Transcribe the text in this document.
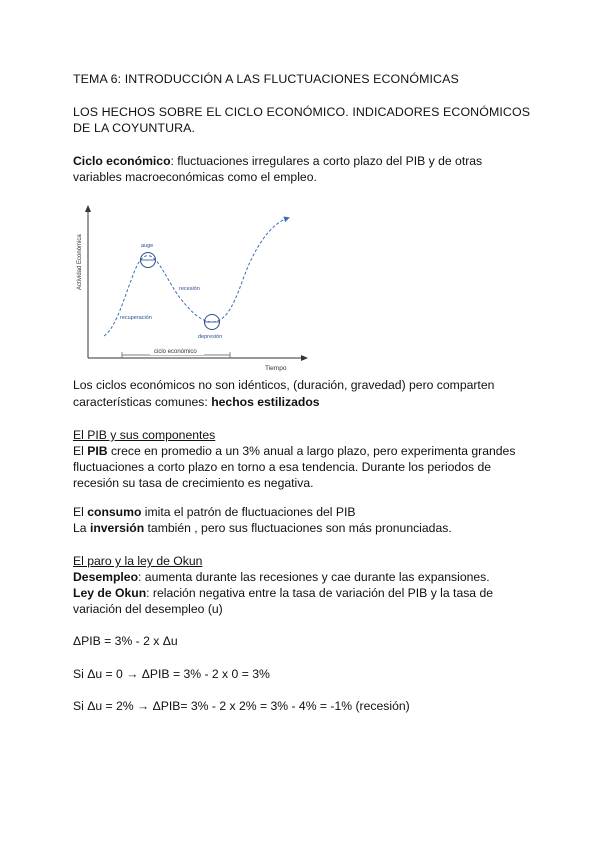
TEMA 6: INTRODUCCIÓN A LAS FLUCTUACIONES ECONÓMICAS

LOS HECHOS SOBRE EL CICLO ECONÓMICO. INDICADORES ECONÓMICOS

DE LA COYUNTURA.

Ciclo económico: fluctuaciones irregulares a corto plazo del PIB y de otras

variables macroeconómicas como el empleo.

auge
recesión
recuperación
depresión
ciclo económico
Tiempo
Actividad Económica

Los ciclos económicos no son idénticos, (duración, gravedad) pero comparten

características comunes: hechos estilizados

El PIB y sus componentes

El PIB crece en promedio a un 3% anual a largo plazo, pero experimenta grandes

fluctuaciones a corto plazo en torno a esa tendencia. Durante los periodos de

recesión su tasa de crecimiento es negativa.

El consumo imita el patrón de fluctuaciones del PIB

La inversión también , pero sus fluctuaciones son más pronunciadas.

El paro y la ley de Okun

Desempleo: aumenta durante las recesiones y cae durante las expansiones.

Ley de Okun: relación negativa entre la tasa de variación del PIB y la tasa de

variación del desempleo (u)

ΔPIB = 3% - 2 x Δu

Si Δu = 0 → ΔPIB = 3% - 2 x 0 = 3%

Si Δu = 2% → ΔPIB= 3% - 2 x 2% = 3% - 4% = -1% (recesión)
